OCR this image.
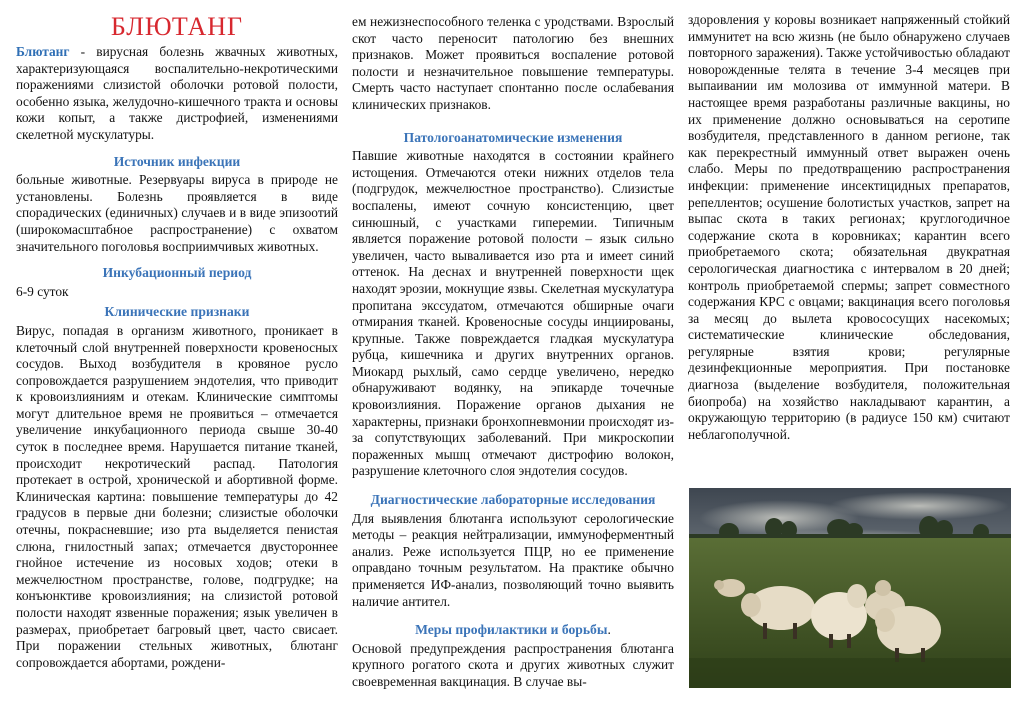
БЛЮТАНГ

Блютанг - вирусная болезнь жвачных животных, характеризующаяся воспалительно-некротическими поражениями слизистой оболочки ротовой полости, особенно языка, желудочно-кишечного тракта и основы кожи копыт, а также дистрофией, изменениями скелетной мускулатуры.

Источник инфекции

больные животные. Резервуары вируса в природе не установлены. Болезнь проявляется в виде спорадических (единичных) случаев и в виде эпизоотий (широкомасштабное распространение) с охватом значительного поголовья восприимчивых животных.

Инкубационный период

6-9 суток

Клинические признаки

Вирус, попадая в организм животного, проникает в клеточный слой внутренней поверхности кровеносных сосудов. Выход возбудителя в кровяное русло сопровождается разрушением эндотелия, что приводит к кровоизлияниям и отекам. Клинические симптомы могут длительное время не проявиться – отмечается увеличение инкубационного периода свыше 30-40 суток в последнее время. Нарушается питание тканей, происходит некротический распад. Патология протекает в острой, хронической и абортивной форме. Клиническая картина: повышение температуры до 42 градусов в первые дни болезни; слизистые оболочки отечны, покрасневшие; изо рта выделяется пенистая слюна, гнилостный запах; отмечается двустороннее гнойное истечение из носовых ходов; отеки в межчелюстном пространстве, голове, подгрудке; на конъюнктиве кровоизлияния; на слизистой ротовой полости находят язвенные поражения; язык увеличен в размерах, приобретает багровый цвет, часто свисает. При поражении стельных животных, блютанг сопровождается абортами, рождени-

ем нежизнеспособного теленка с уродствами. Взрослый скот часто переносит патологию без внешних признаков. Может проявиться воспаление ротовой полости и незначительное повышение температуры. Смерть часто наступает спонтанно после ослабевания клинических признаков.

Патологоанатомические изменения

Павшие животные находятся в состоянии крайнего истощения. Отмечаются отеки нижних отделов тела (подгрудок, межчелюстное пространство). Слизистые воспалены, имеют сочную консистенцию, цвет синюшный, с участками гиперемии. Типичным является поражение ротовой полости – язык сильно увеличен, часто вываливается изо рта и имеет синий оттенок. На деснах и внутренней поверхности щек находят эрозии, мокнущие язвы. Скелетная мускулатура пропитана экссудатом, отмечаются обширные очаги отмирания тканей. Кровеносные сосуды инциированы, крупные. Также повреждается гладкая мускулатура рубца, кишечника и других внутренних органов. Миокард рыхлый, само сердце увеличено, нередко обнаруживают водянку, на эпикарде точечные кровоизлияния. Поражение органов дыхания не характерны, признаки бронхопневмонии происходят из-за сопутствующих заболеваний. При микроскопии пораженных мышц отмечают дистрофию волокон, разрушение клеточного слоя эндотелия сосудов.

Диагностические лабораторные исследования

Для выявления блютанга используют серологические методы – реакция нейтрализации, иммуноферментный анализ. Реже используется ПЦР, но ее применение оправдано точным результатом. На практике обычно применяется ИФ-анализ, позволяющий точно выявить наличие антител.

Меры профилактики и борьбы.

Основой предупреждения распространения блютанга крупного рогатого скота и других животных служит своевременная вакцинация. В случае вы-

здоровления у коровы возникает напряженный стойкий иммунитет на всю жизнь (не было обнаружено случаев повторного заражения). Также устойчивостью обладают новорожденные телята в течение 3-4 месяцев при выпаивании им молозива от иммунной матери. В настоящее время разработаны различные вакцины, но их применение должно основываться на серотипе возбудителя, представленного в данном регионе, так как перекрестный иммунный ответ выражен очень слабо. Меры по предотвращению распространения инфекции: применение инсектицидных препаратов, репеллентов; осушение болотистых участков, запрет на выпас скота в таких регионах; круглогодичное содержание скота в коровниках; карантин всего приобретаемого скота; обязательная двукратная серологическая диагностика с интервалом в 20 дней; контроль приобретаемой спермы; запрет совместного содержания КРС с овцами; вакцинация всего поголовья за месяц до вылета кровососущих насекомых; систематические клинические обследования, регулярные взятия крови; регулярные дезинфекционные мероприятия. При постановке диагноза (выделение возбудителя, положительная биопроба) на хозяйство накладывают карантин, а окружающую территорию (в радиусе 150 км) считают неблагополучной.
